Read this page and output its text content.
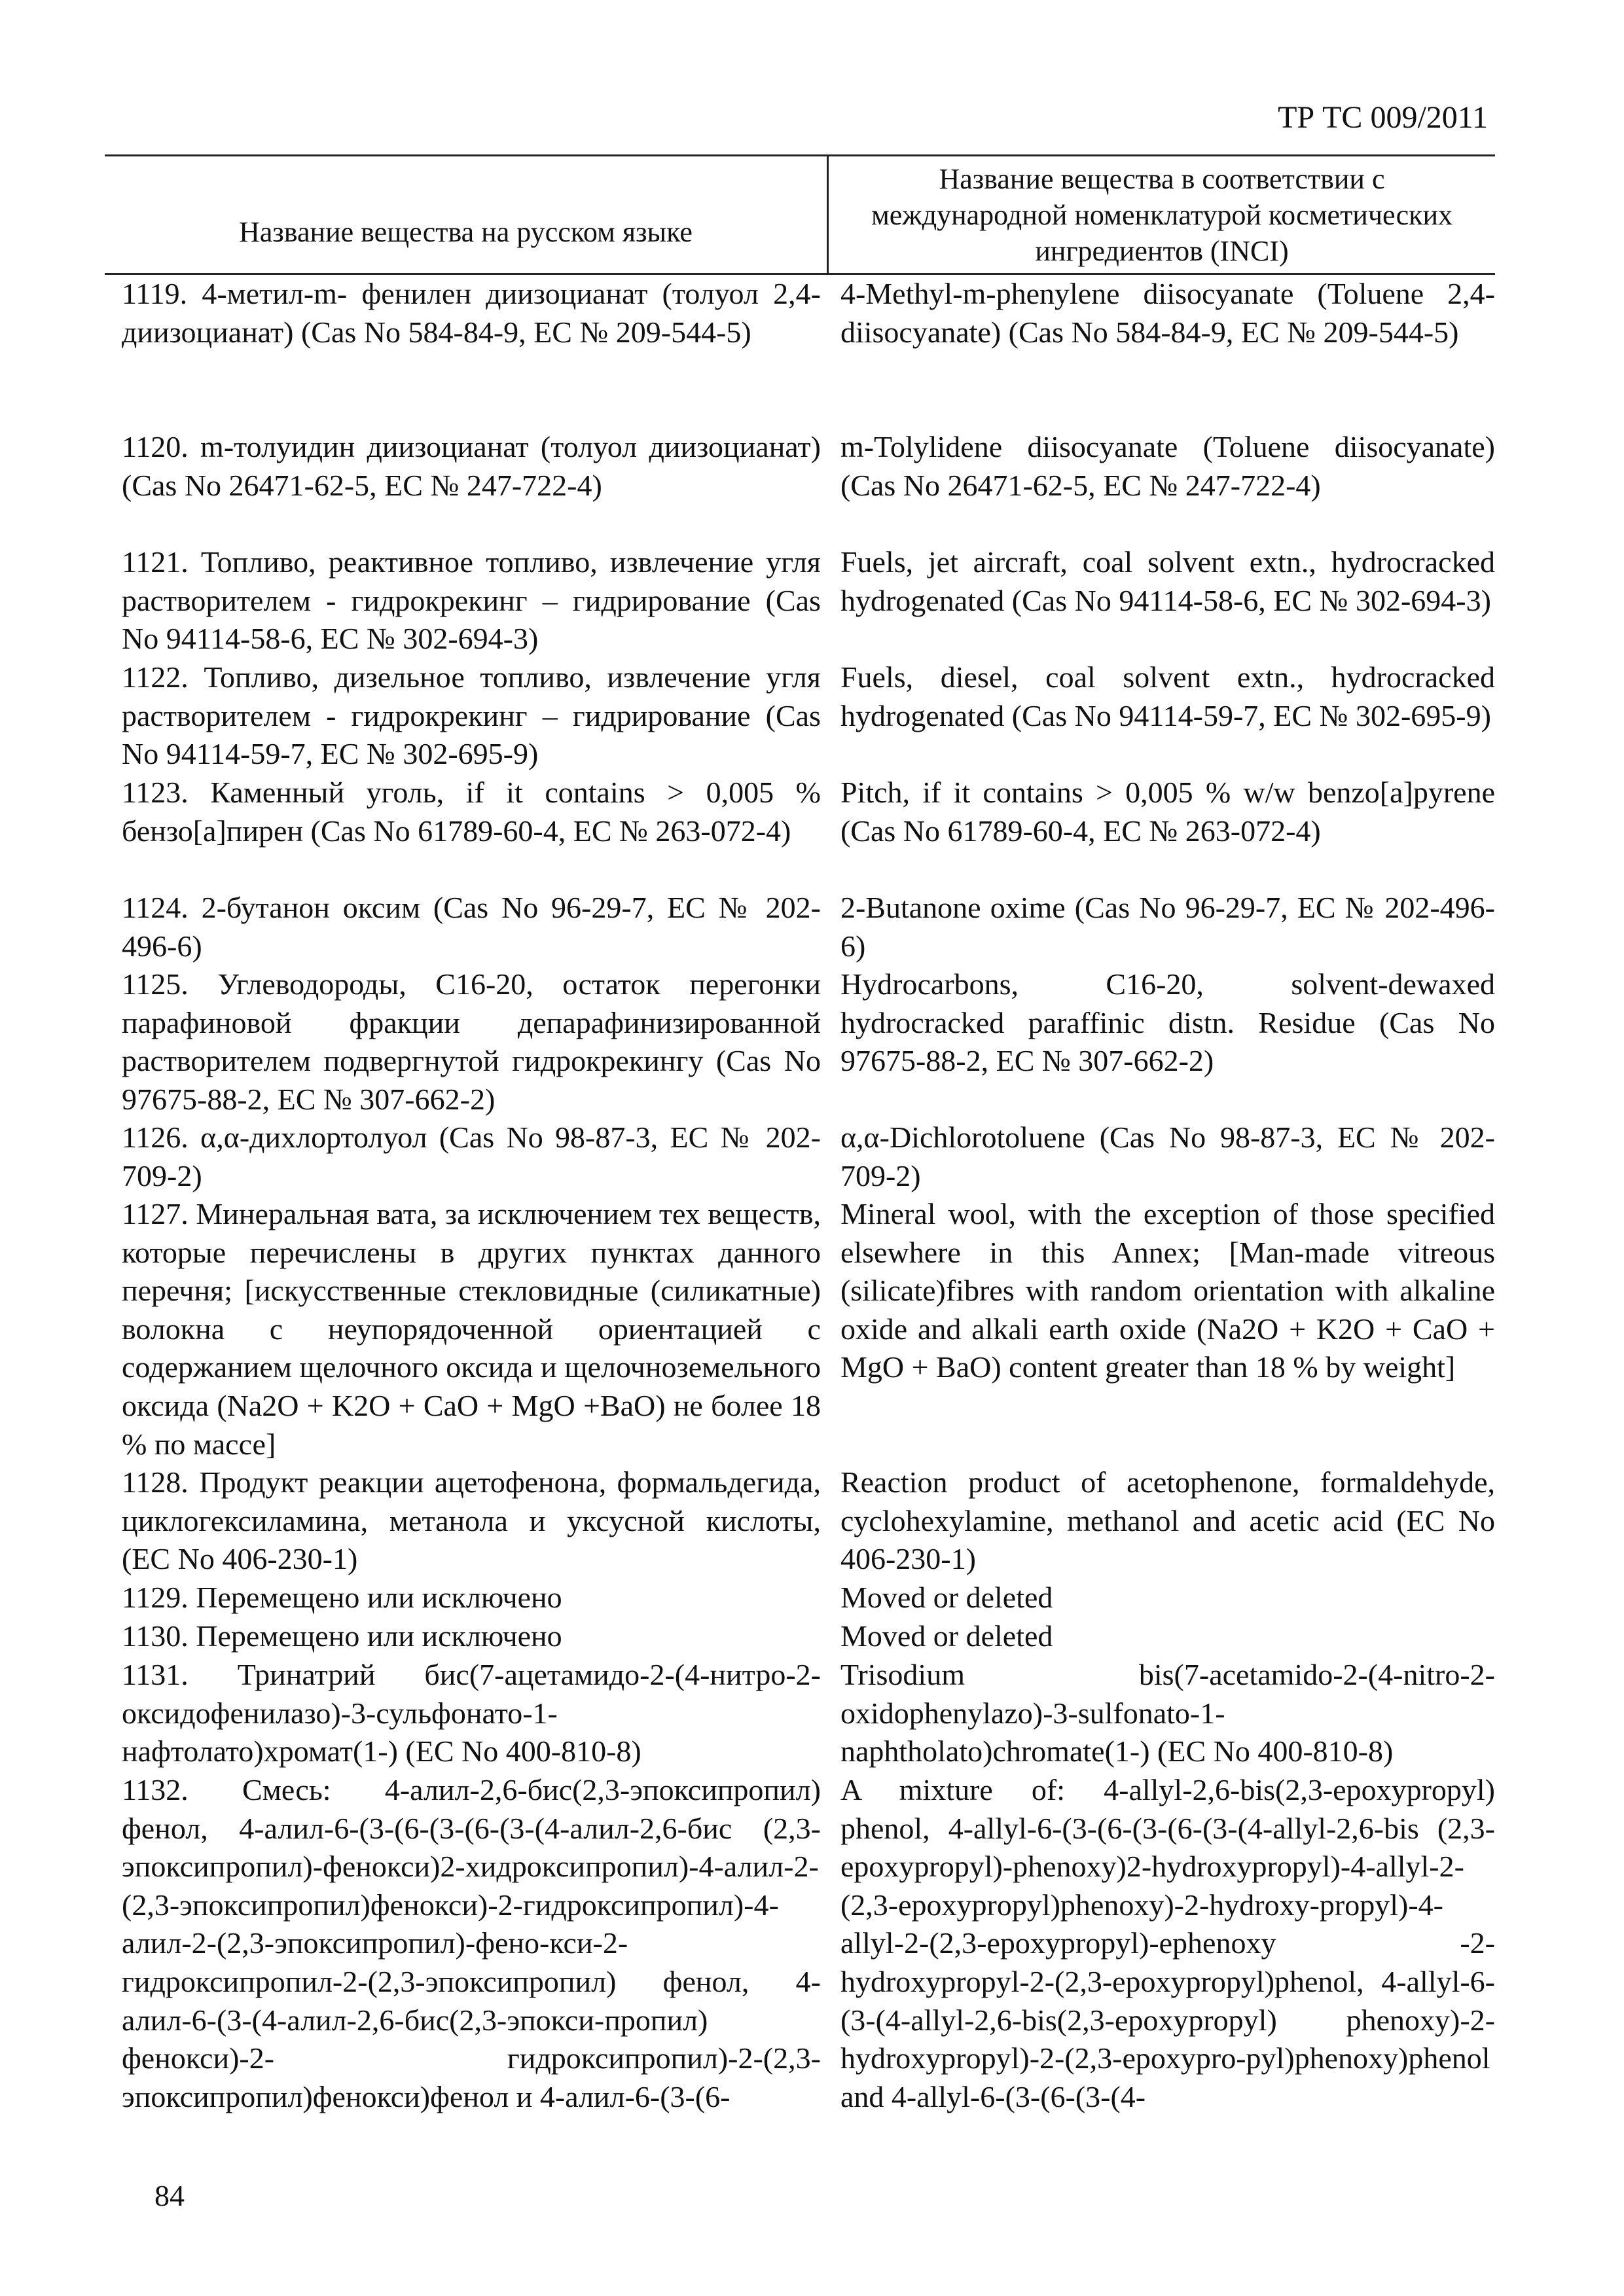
ТР ТС 009/2011
Название вещества на русском языке
Название вещества в соответствии с международной номенклатурой косметических ингредиентов (INCI)
1119. 4-метил-m- фенилен диизоцианат (толуол 2,4-диизоцианат) (Cas No 584-84-9, EC № 209-544-5)
4-Methyl-m-phenylene diisocyanate (Toluene 2,4-diisocyanate) (Cas No 584-84-9, EC № 209-544-5)
1120. m-толуидин диизоцианат (толуол диизоцианат) (Cas No 26471-62-5, EC № 247-722-4)
m-Tolylidene diisocyanate (Toluene diisocyanate) (Cas No 26471-62-5, EC № 247-722-4)
1121. Топливо, реактивное топливо, извлечение угля растворителем - гидрокрекинг – гидрирование (Cas No 94114-58-6, EC № 302-694-3)
Fuels, jet aircraft, coal solvent extn., hydrocracked hydrogenated (Cas No 94114-58-6, EC № 302-694-3)
1122. Топливо, дизельное топливо, извлечение угля растворителем - гидрокрекинг – гидрирование (Cas No 94114-59-7, EC № 302-695-9)
Fuels, diesel, coal solvent extn., hydrocracked hydrogenated (Cas No 94114-59-7, EC № 302-695-9)
1123. Каменный уголь, if it contains > 0,005 % бензо[a]пирен (Cas No 61789-60-4, EC № 263-072-4)
Pitch, if it contains > 0,005 % w/w benzo[a]pyrene (Cas No 61789-60-4, EC № 263-072-4)
1124. 2-бутанон оксим (Cas No 96-29-7, EC № 202-496-6)
2-Butanone oxime (Cas No 96-29-7, EC № 202-496-6)
1125. Углеводороды, C16-20, остаток перегонки парафиновой фракции депарафинизированной растворителем подвергнутой гидрокрекингу (Cas No 97675-88-2, EC № 307-662-2)
Hydrocarbons, C16-20, solvent-dewaxed hydrocracked paraffinic distn. Residue (Cas No 97675-88-2, EC № 307-662-2)
1126. α,α-дихлортолуол (Cas No 98-87-3, EC № 202-709-2)
α,α-Dichlorotoluene (Cas No 98-87-3, EC № 202-709-2)
1127. Минеральная вата, за исключением тех веществ, которые перечислены в других пунктах данного перечня; [искусственные стекловидные (силикатные) волокна с неупорядоченной ориентацией с содержанием щелочного оксида и щелочноземельного оксида (Na2O + K2O + CaO + MgO +BaO) не более 18 % по массе]
Mineral wool, with the exception of those specified elsewhere in this Annex; [Man-made vitreous (silicate)fibres with random orientation with alkaline oxide and alkali earth oxide (Na2O + K2O + CaO + MgO + BaO) content greater than 18 % by weight]
1128. Продукт реакции ацетофенона, формальдегида, циклогексиламина, метанола и уксусной кислоты, (EC No 406-230-1)
Reaction product of acetophenone, formaldehyde, cyclohexylamine, methanol and acetic acid (EC No 406-230-1)
1129. Перемещено или исключено	Moved or deleted
1130. Перемещено или исключено	Moved or deleted
1131. Тринатрий бис(7-ацетамидо-2-(4-нитро-2-оксидофенилазо)-3-сульфонато-1-нафтолато)хромат(1-) (EC No 400-810-8)
Trisodium bis(7-acetamido-2-(4-nitro-2-oxidophenylazo)-3-sulfonato-1-naphtholato)chromate(1-) (EC No 400-810-8)
1132. Смесь: 4-алил-2,6-бис(2,3-эпоксипропил) фенол, 4-алил-6-(3-(6-(3-(6-(3-(4-алил-2,6-бис (2,3-эпоксипропил)-фенокси)2-хидроксипропил)-4-алил-2-(2,3-эпоксипропил)фенокси)-2-гидроксипропил)-4-алил-2-(2,3-эпоксипропил)-фено-кси-2-гидроксипропил-2-(2,3-эпоксипропил) фенол, 4-алил-6-(3-(4-алил-2,6-бис(2,3-эпокси-пропил) фенокси)-2- гидроксипропил)-2-(2,3-эпоксипропил)фенокси)фенол и 4-алил-6-(3-(6-
A mixture of: 4-allyl-2,6-bis(2,3-epoxypropyl) phenol, 4-allyl-6-(3-(6-(3-(6-(3-(4-allyl-2,6-bis (2,3-epoxypropyl)-phenoxy)2-hydroxypropyl)-4-allyl-2-(2,3-epoxypropyl)phenoxy)-2-hydroxy-propyl)-4-allyl-2-(2,3-epoxypropyl)-ephenoxy -2-hydroxypropyl-2-(2,3-epoxypropyl)phenol, 4-allyl-6-(3-(4-allyl-2,6-bis(2,3-epoxypropyl) phenoxy)-2- hydroxypropyl)-2-(2,3-epoxypro-pyl)phenoxy)phenol and 4-allyl-6-(3-(6-(3-(4-
84
